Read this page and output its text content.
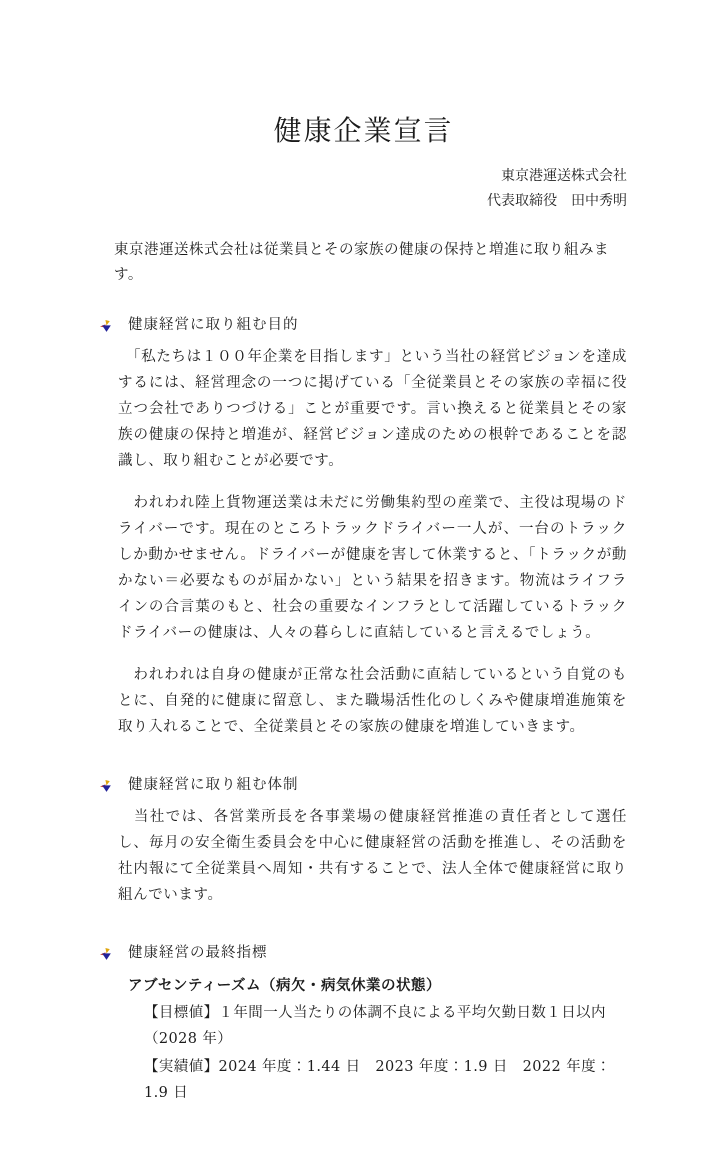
健康企業宣言
東京港運送株式会社
代表取締役　田中秀明

東京港運送株式会社は従業員とその家族の健康の保持と増進に取り組みます。

健康経営に取り組む目的

　「私たちは１００年企業を目指します」という当社の経営ビジョンを達成するには、経営理念の一つに掲げている「全従業員とその家族の幸福に役立つ会社でありつづける」ことが重要です。言い換えると従業員とその家族の健康の保持と増進が、経営ビジョン達成のための根幹であることを認識し、取り組むことが必要です。

　われわれ陸上貨物運送業は未だに労働集約型の産業で、主役は現場のドライバーです。現在のところトラックドライバー一人が、一台のトラックしか動かせません。ドライバーが健康を害して休業すると、「トラックが動かない＝必要なものが届かない」という結果を招きます。物流はライフラインの合言葉のもと、社会の重要なインフラとして活躍しているトラックドライバーの健康は、人々の暮らしに直結していると言えるでしょう。

　われわれは自身の健康が正常な社会活動に直結しているという自覚のもとに、自発的に健康に留意し、また職場活性化のしくみや健康増進施策を取り入れることで、全従業員とその家族の健康を増進していきます。

健康経営に取り組む体制

　当社では、各営業所長を各事業場の健康経営推進の責任者として選任し、毎月の安全衛生委員会を中心に健康経営の活動を推進し、その活動を社内報にて全従業員へ周知・共有することで、法人全体で健康経営に取り組んでいます。

健康経営の最終指標

アブセンティーズム（病欠・病気休業の状態）

【目標値】１年間一人当たりの体調不良による平均欠勤日数１日以内（2028 年）

【実績値】2024 年度：1.44 日　2023 年度：1.9 日　2022 年度：1.9 日
